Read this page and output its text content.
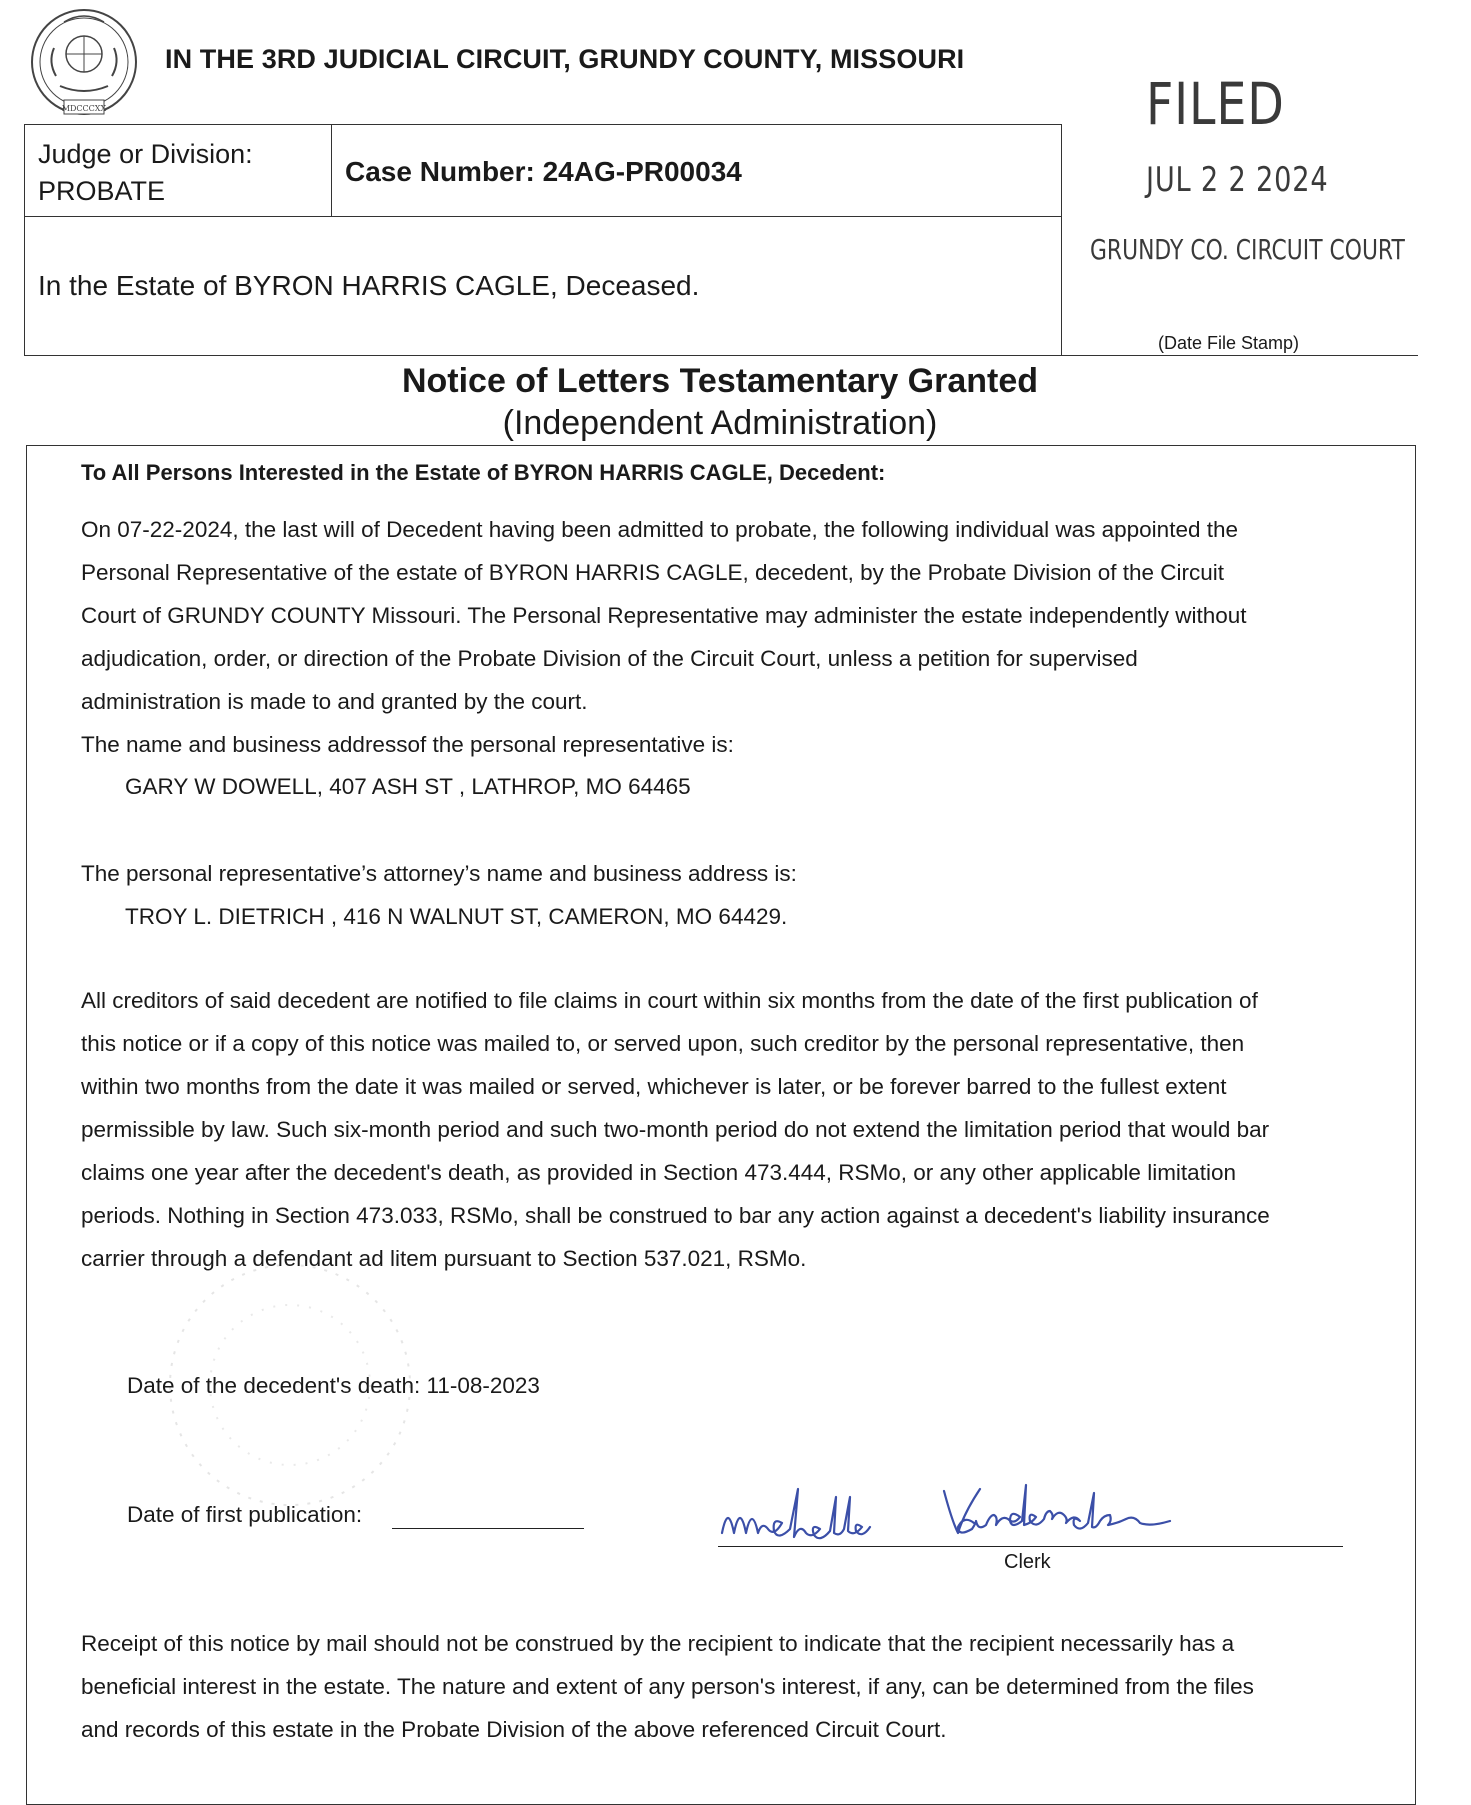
MDCCCXX
IN THE 3RD JUDICIAL CIRCUIT, GRUNDY COUNTY, MISSOURI
Judge or Division:
PROBATE
Case Number: 24AG-PR00034
In the Estate of BYRON HARRIS CAGLE, Deceased.
FILED
JUL 2 2 2024
GRUNDY CO. CIRCUIT COURT
(Date File Stamp)
Notice of Letters Testamentary Granted
(Independent Administration)
To All Persons Interested in the Estate of BYRON HARRIS CAGLE, Decedent:
On 07-22-2024, the last will of Decedent having been admitted to probate, the following individual was appointed the
Personal Representative of the estate of BYRON HARRIS CAGLE, decedent, by the Probate Division of the Circuit
Court of GRUNDY COUNTY Missouri. The Personal Representative may administer the estate independently without
adjudication, order, or direction of the Probate Division of the Circuit Court, unless a petition for supervised
administration is made to and granted by the court.
The name and business addressof the personal representative is:
GARY W DOWELL, 407 ASH ST , LATHROP, MO 64465
The personal representative’s attorney’s name and business address is:
TROY L. DIETRICH , 416 N WALNUT ST, CAMERON, MO 64429.
All creditors of said decedent are notified to file claims in court within six months from the date of the first publication of
this notice or if a copy of this notice was mailed to, or served upon, such creditor by the personal representative, then
within two months from the date it was mailed or served, whichever is later, or be forever barred to the fullest extent
permissible by law. Such six-month period and such two-month period do not extend the limitation period that would bar
claims one year after the decedent's death, as provided in Section 473.444, RSMo, or any other applicable limitation
periods. Nothing in Section 473.033, RSMo, shall be construed to bar any action against a decedent's liability insurance
carrier through a defendant ad litem pursuant to Section 537.021, RSMo.
Date of the decedent's death: 11-08-2023
Date of first publication:
Clerk
Receipt of this notice by mail should not be construed by the recipient to indicate that the recipient necessarily has a
beneficial interest in the estate. The nature and extent of any person's interest, if any, can be determined from the files
and records of this estate in the Probate Division of the above referenced Circuit Court.
